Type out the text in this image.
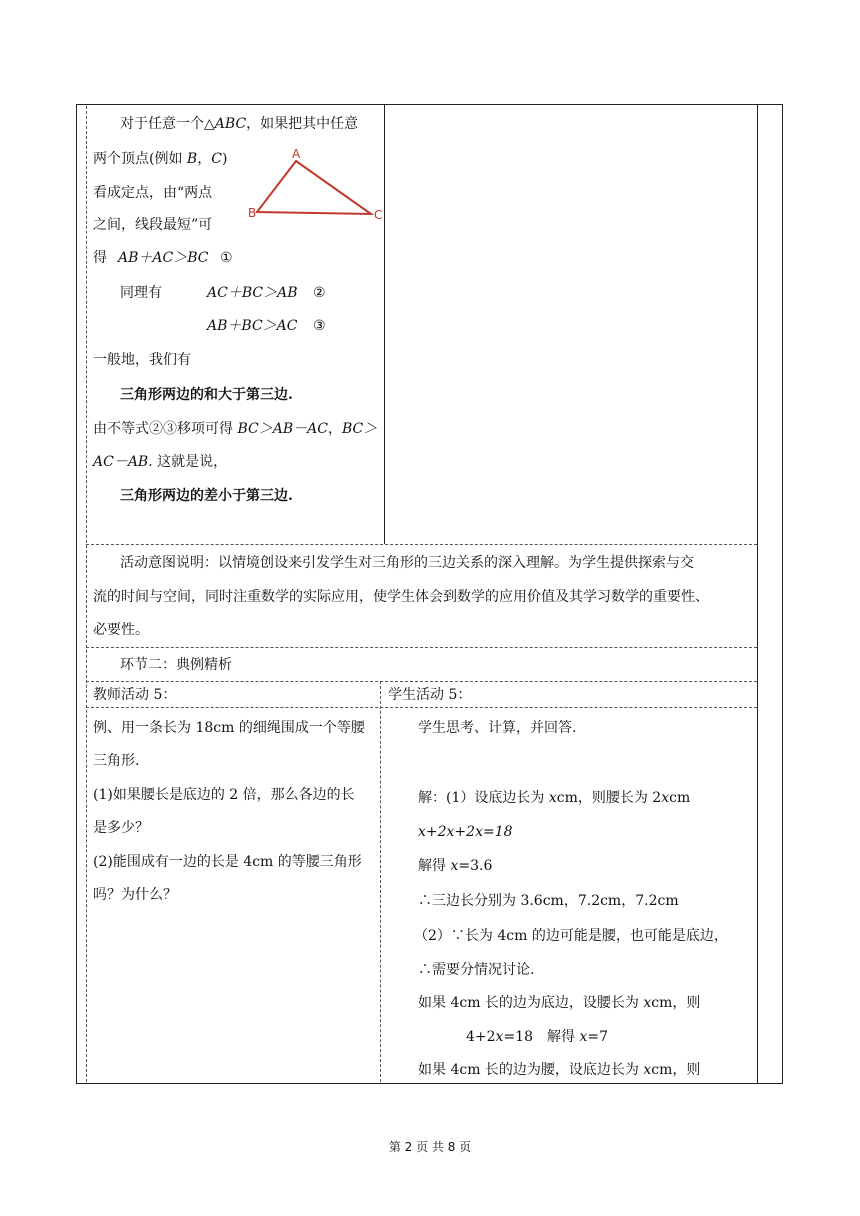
对于任意一个△ABC，如果把其中任意
两个顶点(例如 B，C)
看成定点，由“两点
之间，线段最短”可
得 AB＋AC＞BC ①
同理有	AC＋BC＞AB ②
AB＋BC＞AC ③
一般地，我们有
三角形两边的和大于第三边.
由不等式②③移项可得 BC＞AB－AC，BC＞
AC－AB. 这就是说，
三角形两边的差小于第三边.
A
B	C
活动意图说明：以情境创设来引发学生对三角形的三边关系的深入理解。为学生提供探索与交
流的时间与空间，同时注重数学的实际应用，使学生体会到数学的应用价值及其学习数学的重要性、
必要性。
环节二：典例精析
教师活动 5：
例、用一条长为 18cm 的细绳围成一个等腰
三角形.
(1)如果腰长是底边的 2 倍，那么各边的长
是多少？
(2)能围成有一边的长是 4cm 的等腰三角形
吗？为什么？
学生活动 5：
学生思考、计算，并回答.
解：(1）设底边长为 xcm，则腰长为 2xcm
x+2x+2x=18
解得 x=3.6
∴三边长分别为 3.6cm，7.2cm，7.2cm
（2）∵长为 4cm 的边可能是腰，也可能是底边，
∴需要分情况讨论.
如果 4cm 长的边为底边，设腰长为 xcm，则
4+2x=18　解得 x=7
如果 4cm 长的边为腰，设底边长为 xcm，则
第 2 页 共 8 页
